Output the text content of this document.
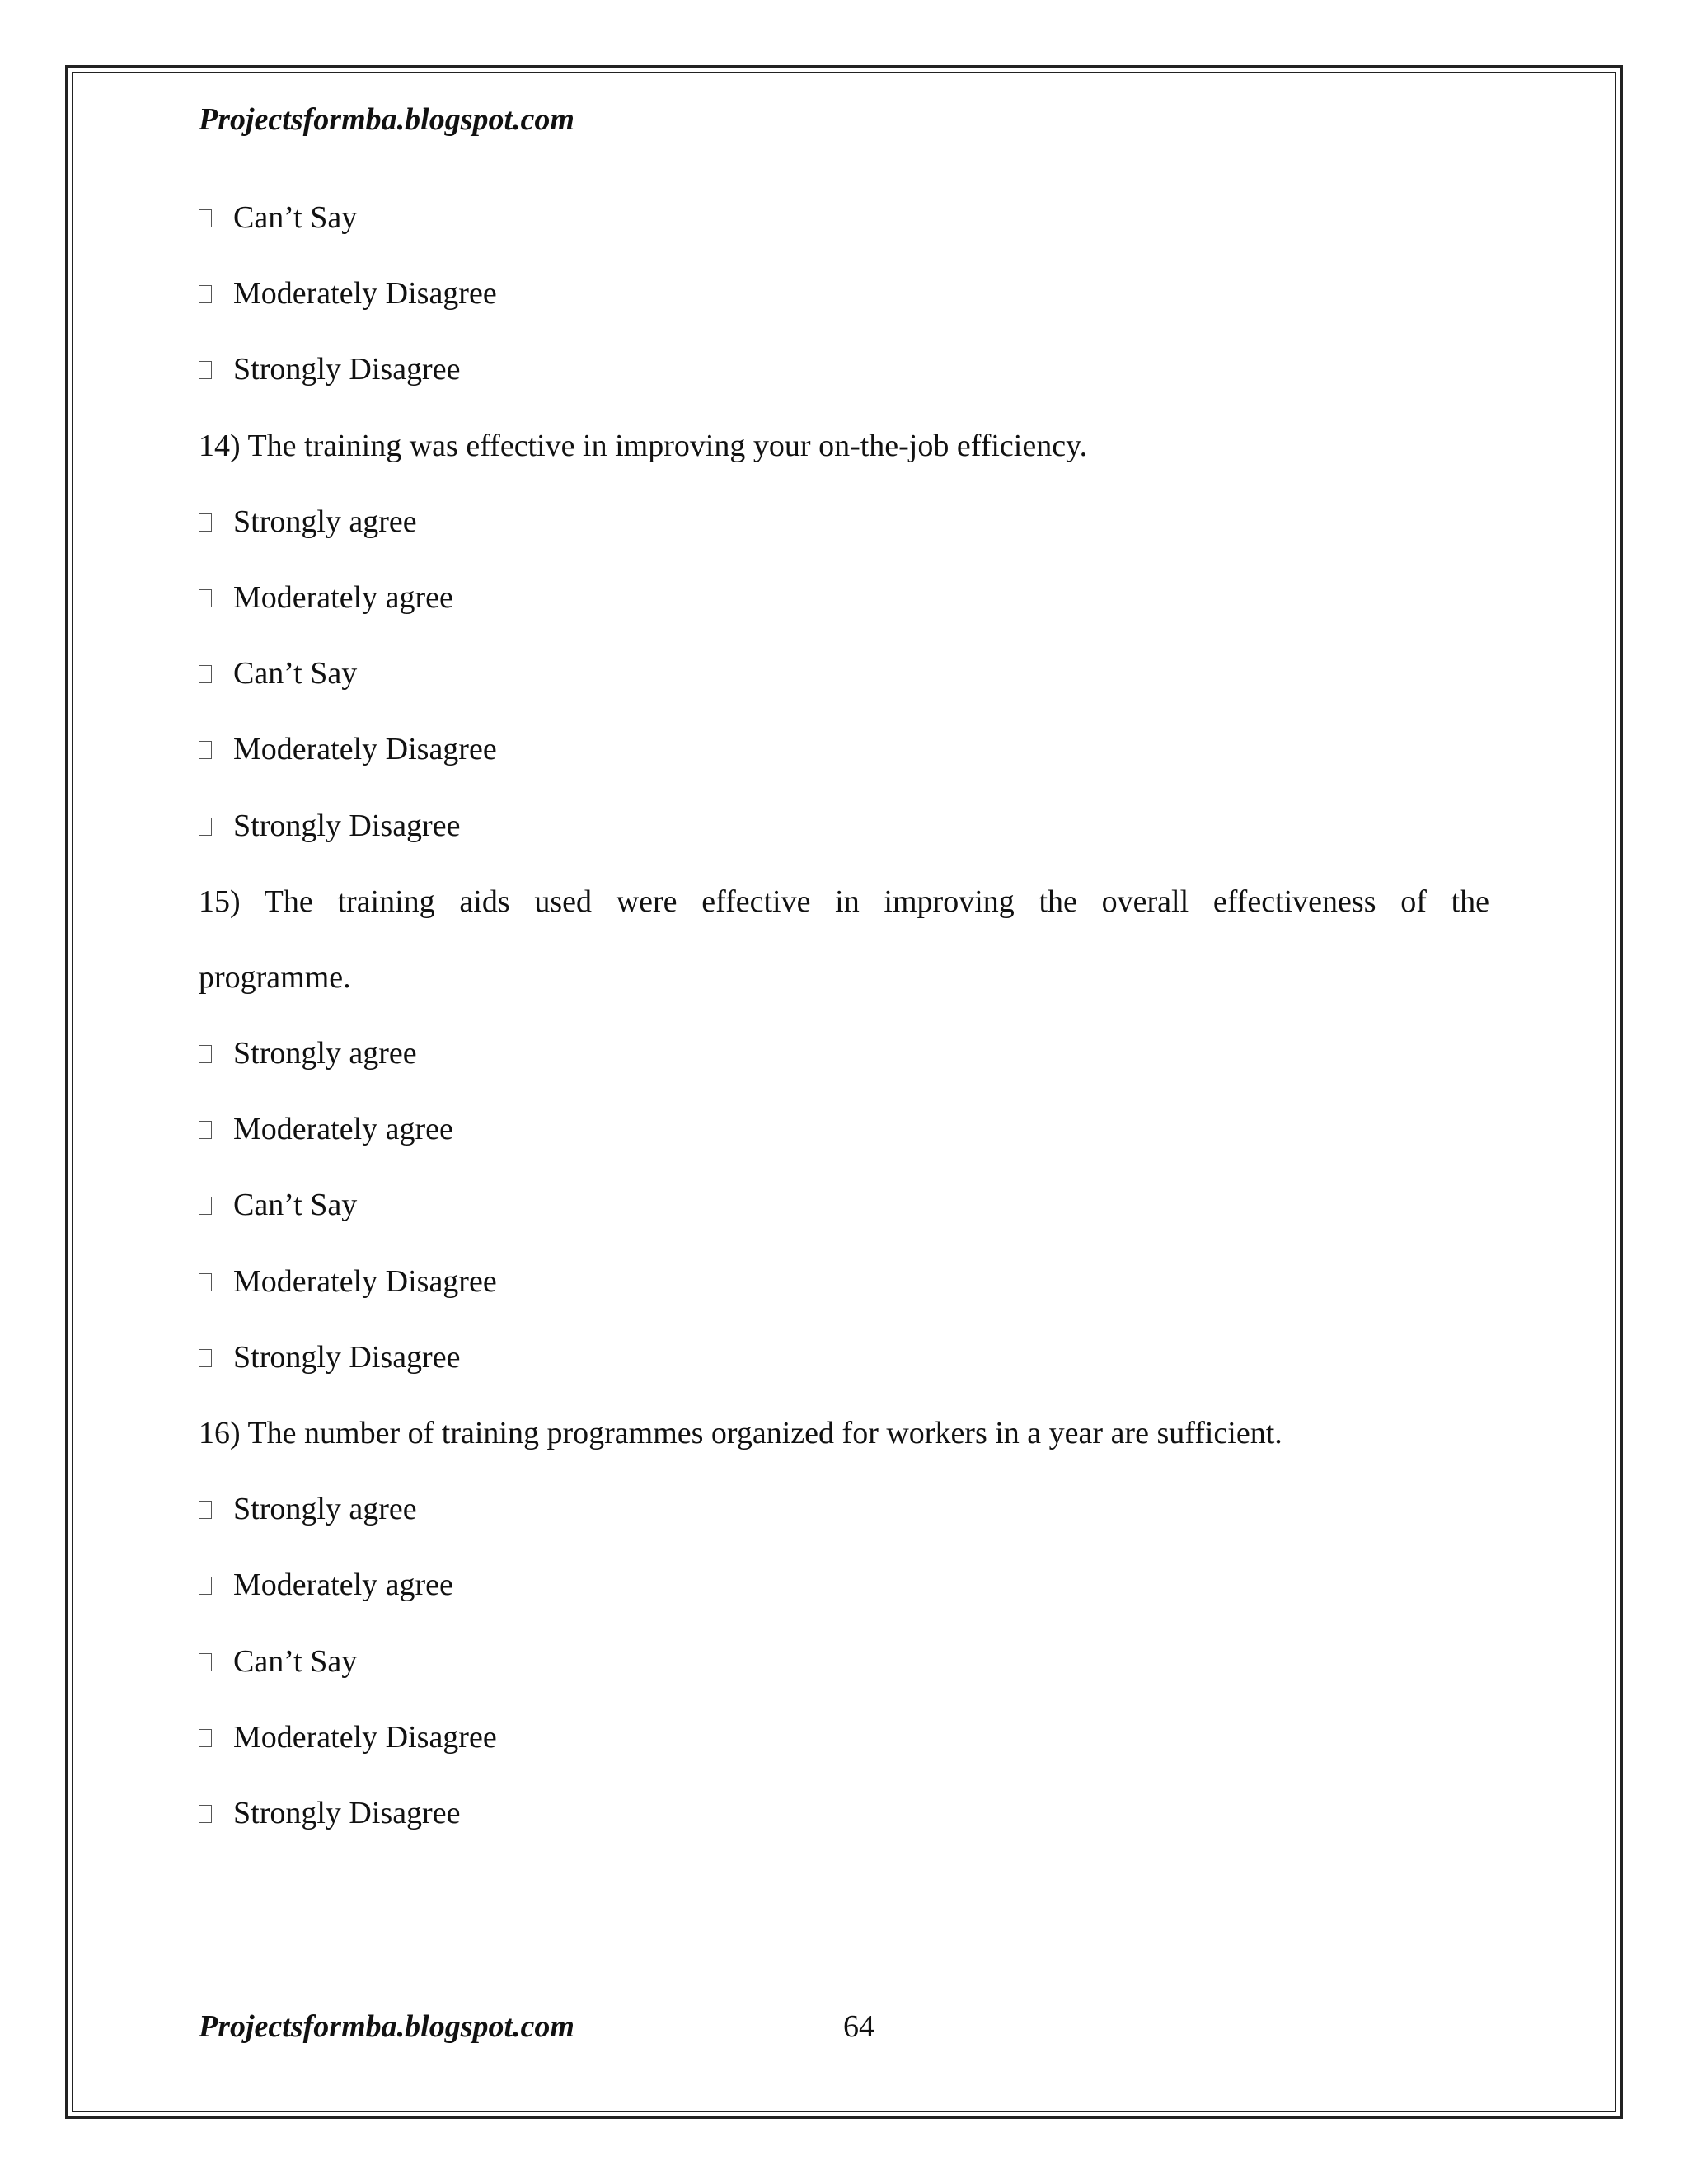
Projectsformba.blogspot.com
Can’t Say
Moderately Disagree
Strongly Disagree
14) The training was effective in improving your on-the-job efficiency.
Strongly agree
Moderately agree
Can’t Say
Moderately Disagree
Strongly Disagree
15) The training aids used were effective in improving the overall effectiveness of the
programme.
Strongly agree
Moderately agree
Can’t Say
Moderately Disagree
Strongly Disagree
16) The number of training programmes organized for workers in a year are sufficient.
Strongly agree
Moderately agree
Can’t Say
Moderately Disagree
Strongly Disagree
Projectsformba.blogspot.com	64
